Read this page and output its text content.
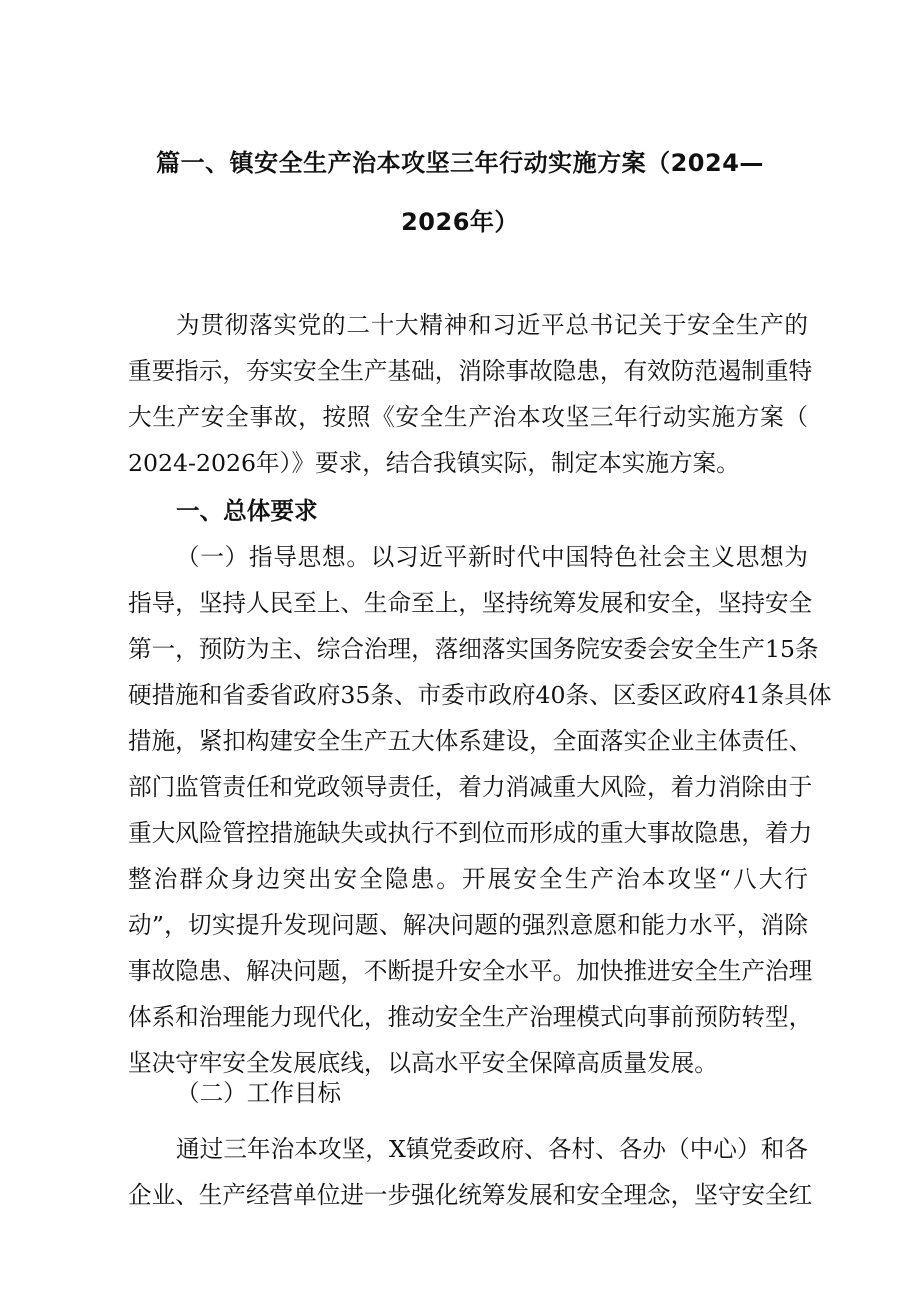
篇一、镇安全生产治本攻坚三年行动实施方案（2024—
2026年）
为贯彻落实党的二十大精神和习近平总书记关于安全生产的
重要指示，夯实安全生产基础，消除事故隐患，有效防范遏制重特
大生产安全事故，按照《安全生产治本攻坚三年行动实施方案（
2024-2026年）》要求，结合我镇实际，制定本实施方案。
一、总体要求
（一）指导思想。以习近平新时代中国特色社会主义思想为
指导，坚持人民至上、生命至上，坚持统筹发展和安全，坚持安全
第一，预防为主、综合治理，落细落实国务院安委会安全生产15条
硬措施和省委省政府35条、市委市政府40条、区委区政府41条具体
措施，紧扣构建安全生产五大体系建设，全面落实企业主体责任、
部门监管责任和党政领导责任，着力消减重大风险，着力消除由于
重大风险管控措施缺失或执行不到位而形成的重大事故隐患，着力
整治群众身边突出安全隐患。开展安全生产治本攻坚“八大行
动”，切实提升发现问题、解决问题的强烈意愿和能力水平，消除
事故隐患、解决问题，不断提升安全水平。加快推进安全生产治理
体系和治理能力现代化，推动安全生产治理模式向事前预防转型，
坚决守牢安全发展底线，以高水平安全保障高质量发展。
（二）工作目标
通过三年治本攻坚，X镇党委政府、各村、各办（中心）和各
企业、生产经营单位进一步强化统筹发展和安全理念，坚守安全红
